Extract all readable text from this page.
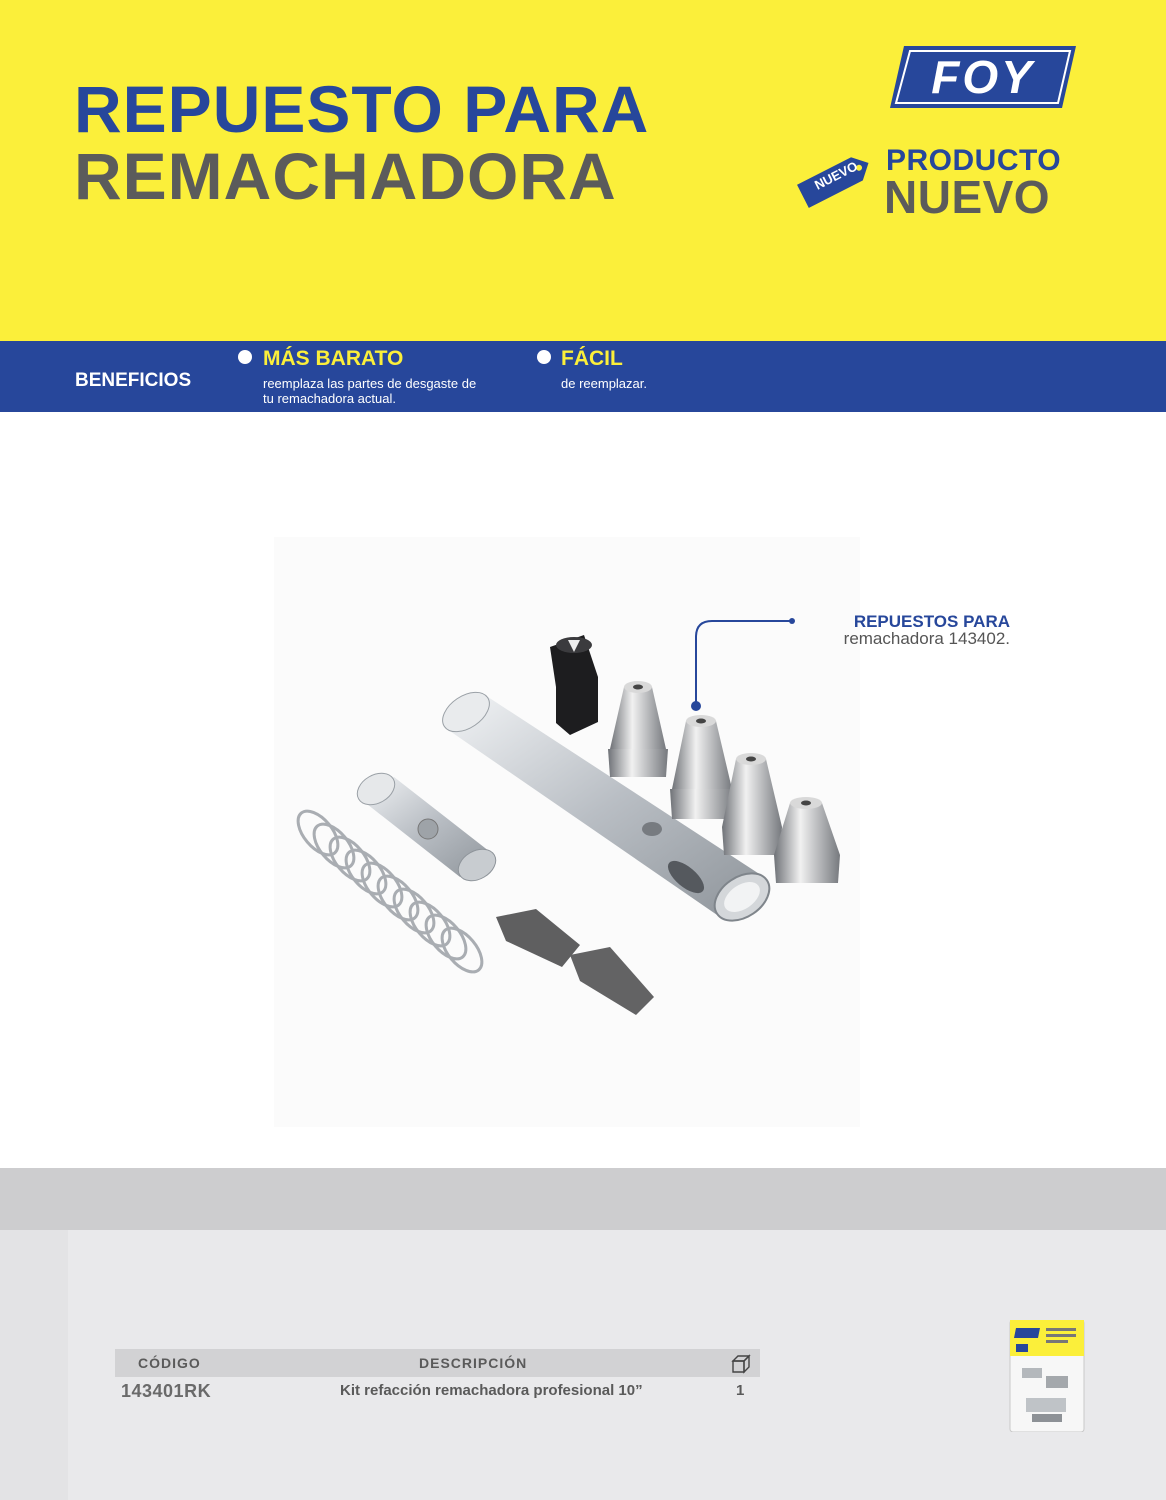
REPUESTO PARA
REMACHADORA
FOY
NUEVO PRODUCTO
NUEVO
BENEFICIOS
MÁS BARATO
reemplaza las partes de desgaste de
tu remachadora actual.
FÁCIL
de reemplazar.
REPUESTOS PARA
remachadora 143402.
CÓDIGO	DESCRIPCIÓN
143401RK	Kit refacción remachadora profesional 10”	1
